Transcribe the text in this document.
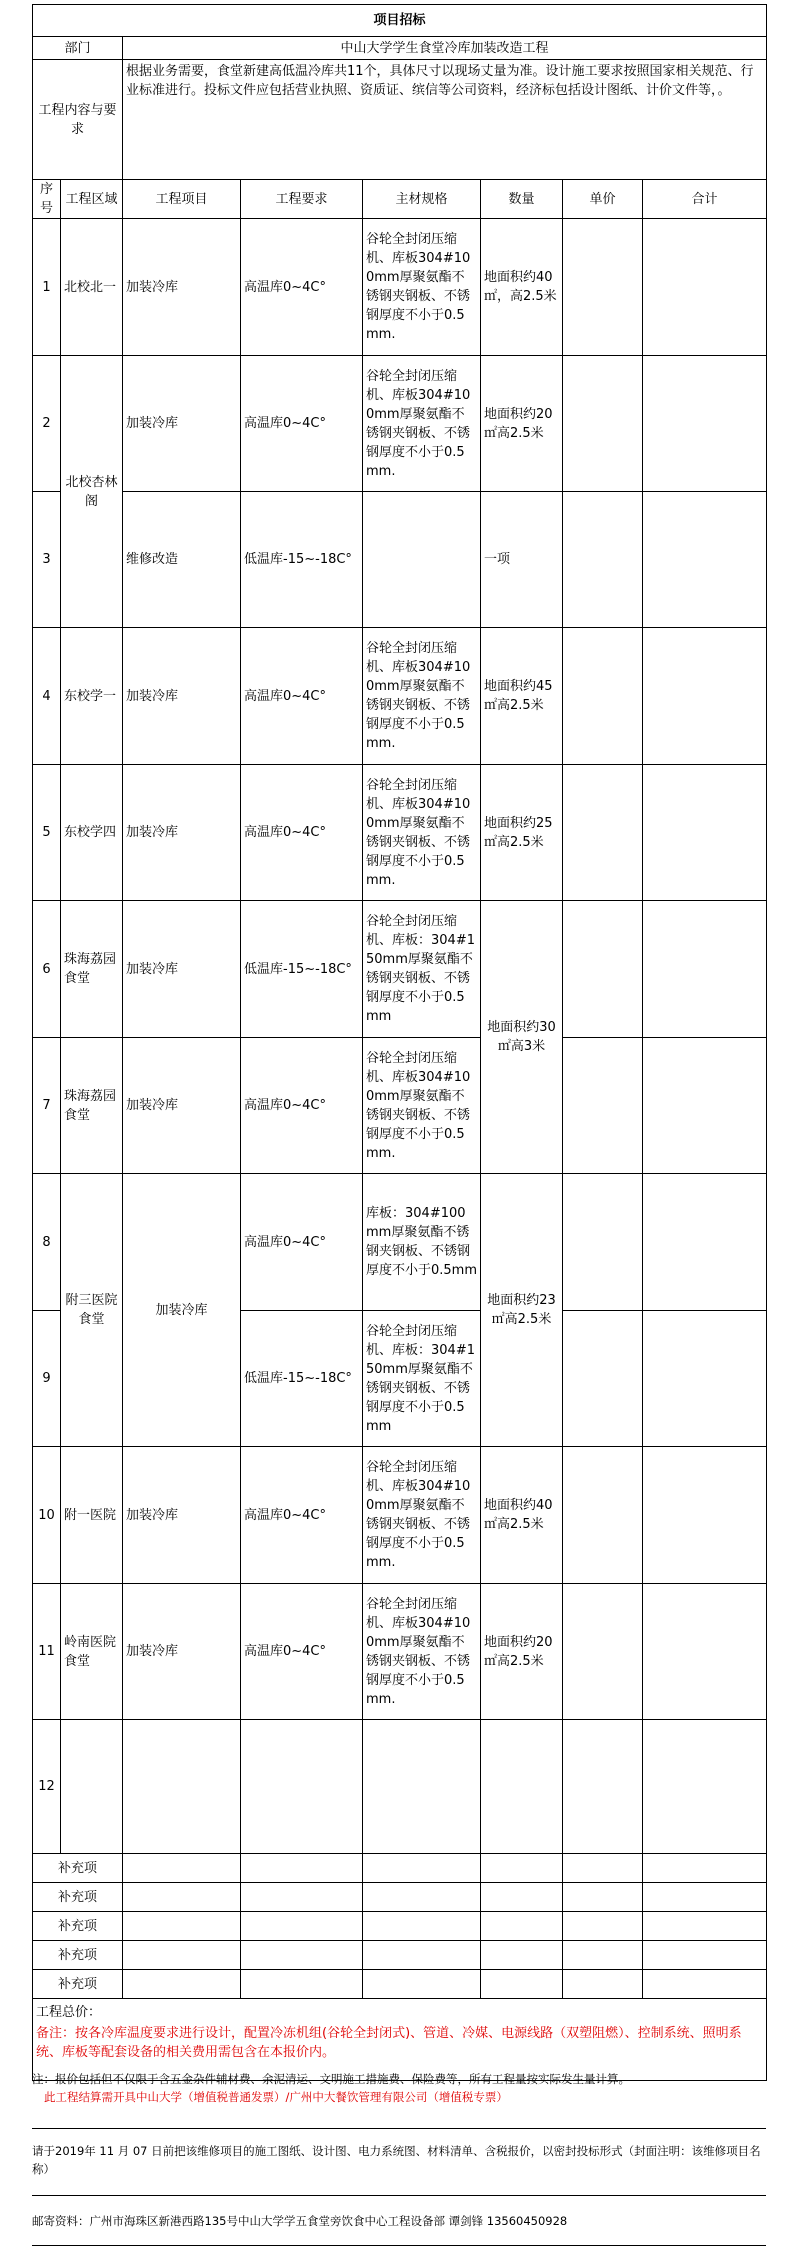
项目招标							
部门		中山大学学生食堂冷库加装改造工程					
工程内容与要求		根据业务需要，食堂新建高低温冷库共11个，具体尺寸以现场丈量为准。设计施工要求按照国家相关规范、行业标准进行。投标文件应包括营业执照、资质证、缤信等公司资料，经济标包括设计图纸、计价文件等，。					
序号	工程区域	工程项目	工程要求	主材规格	数量	单价	合计
1	北校北一	加装冷库	高温库0~4C°	谷轮全封闭压缩机、库板304#100mm厚聚氨酯不锈钢夹钢板、不锈钢厚度不小于0.5mm.	地面积约40㎡，高2.5米		
2	北校杏林阁	加装冷库	高温库0~4C°	谷轮全封闭压缩机、库板304#100mm厚聚氨酯不锈钢夹钢板、不锈钢厚度不小于0.5mm.	地面积约20㎡高2.5米		
3		维修改造	低温库-15~-18C°		一项		
4	东校学一	加装冷库	高温库0~4C°	谷轮全封闭压缩机、库板304#100mm厚聚氨酯不锈钢夹钢板、不锈钢厚度不小于0.5mm.	地面积约45㎡高2.5米		
5	东校学四	加装冷库	高温库0~4C°	谷轮全封闭压缩机、库板304#100mm厚聚氨酯不锈钢夹钢板、不锈钢厚度不小于0.5mm.	地面积约25㎡高2.5米		
6	珠海荔园食堂	加装冷库	低温库-15~-18C°	谷轮全封闭压缩机、库板：304#150mm厚聚氨酯不锈钢夹钢板、不锈钢厚度不小于0.5mm	地面积约30㎡高3米		
7	珠海荔园食堂	加装冷库	高温库0~4C°	谷轮全封闭压缩机、库板304#100mm厚聚氨酯不锈钢夹钢板、不锈钢厚度不小于0.5mm.			
8	附三医院食堂	加装冷库	高温库0~4C°	库板：304#100mm厚聚氨酯不锈钢夹钢板、不锈钢厚度不小于0.5mm	地面积约23㎡高2.5米		
9			低温库-15~-18C°	谷轮全封闭压缩机、库板：304#150mm厚聚氨酯不锈钢夹钢板、不锈钢厚度不小于0.5mm			
10	附一医院	加装冷库	高温库0~4C°	谷轮全封闭压缩机、库板304#100mm厚聚氨酯不锈钢夹钢板、不锈钢厚度不小于0.5mm.	地面积约40㎡高2.5米		
11	岭南医院食堂	加装冷库	高温库0~4C°	谷轮全封闭压缩机、库板304#100mm厚聚氨酯不锈钢夹钢板、不锈钢厚度不小于0.5mm.	地面积约20㎡高2.5米		
12							
补充项							
补充项							
补充项							
补充项							
补充项							

工程总价：
备注：按各冷库温度要求进行设计，配置冷冻机组(谷轮全封闭式)、管道、冷媒、电源线路（双塑阻燃）、控制系统、照明系统、库板等配套设备的相关费用需包含在本报价内。							
注：报价包括但不仅限于含五金杂件辅材费、余泥清运、文明施工措施费、保险费等，所有工程量按实际发生量计算。
此工程结算需开具中山大学（增值税普通发票）/广州中大餐饮管理有限公司（增值税专票）
请于2019年 11 月 07 日前把该维修项目的施工图纸、设计图、电力系统图、材料清单、含税报价，以密封投标形式（封面注明：该维修项目名称）
邮寄资料：广州市海珠区新港西路135号中山大学学五食堂旁饮食中心工程设备部 谭剑锋 13560450928
